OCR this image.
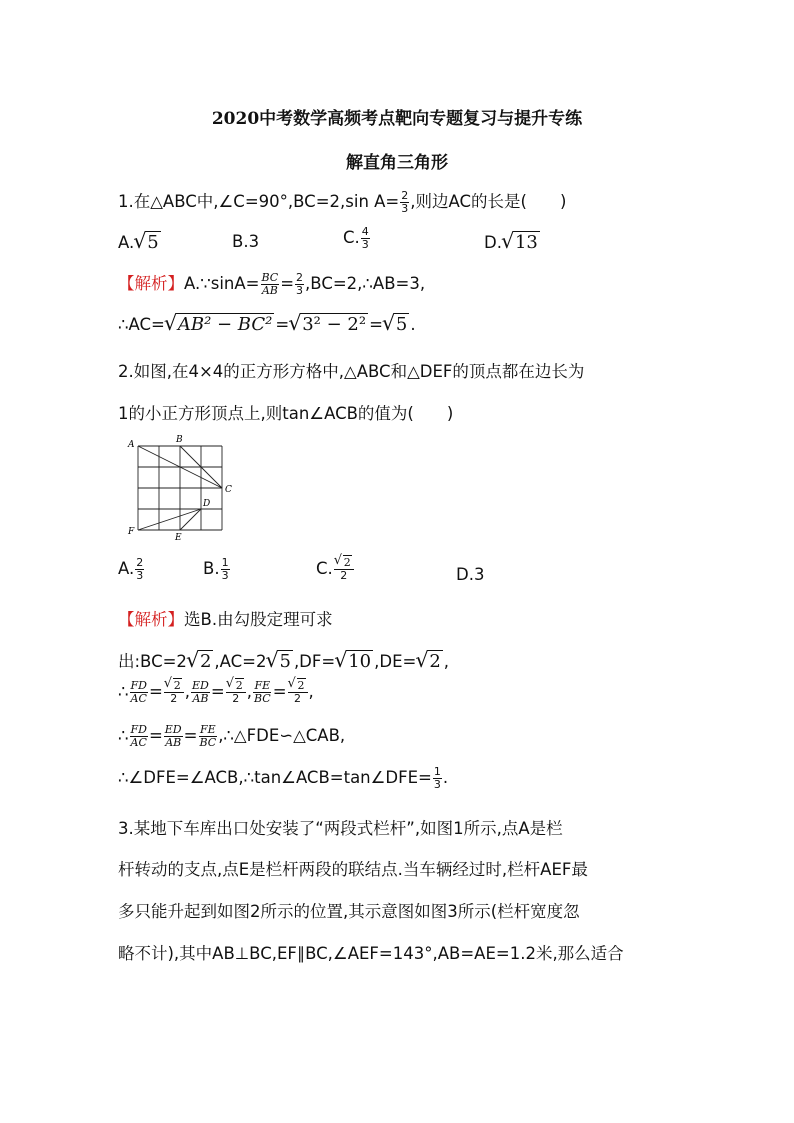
2020中考数学高频考点靶向专题复习与提升专练
解直角三角形
1.在△ABC中,∠C=90°,BC=2,sin $A= \frac{2}{3}$ ,则边AC的长是(　　)
A. √ 5	B.3	C. $\frac{4}{3}$	D. √ 13
【解析】A.∵sinA= $\frac{BC}{AB} = \frac{2}{3}$ ,BC=2,∴AB=3,
∴AC= √ AB² − BC² = √ 3² − 2² = √ 5 .
2.如图,在4×4的正方形方格中,△ABC和△DEF的顶点都在边长为
1的小正方形顶点上,则tan∠ACB的值为(　　)
A	B
C
D
E
F
A. $\frac{2}{3}$	B. $\frac{1}{3}$	C. √ $\frac{2}{2}$	D.3
【解析】选B.由勾股定理可求
出:BC=2 √ 2 ,AC=2 √ 5 ,DF= √ 10 ,DE= √ 2 ,
∴ $\frac{FD}{AC}$ = √ $\frac{2}{2}$ , $\frac{ED}{AB}$ = √ $\frac{2}{2}$ , $\frac{FE}{BC}$ = √ $\frac{2}{2}$ ,
∴ $\frac{FD}{AC} = \frac{ED}{AB} = \frac{FE}{BC}$ ,∴△FDE∽△CAB,
∴∠DFE=∠ACB,∴tan∠ACB=tan∠DFE= $\frac{1}{3}$ .
3.某地下车库出口处安装了“两段式栏杆”,如图1所示,点A是栏
杆转动的支点,点E是栏杆两段的联结点.当车辆经过时,栏杆AEF最
多只能升起到如图2所示的位置,其示意图如图3所示(栏杆宽度忽
略不计),其中AB⊥BC,EF∥BC,∠AEF=143°,AB=AE=1.2米,那么适合
